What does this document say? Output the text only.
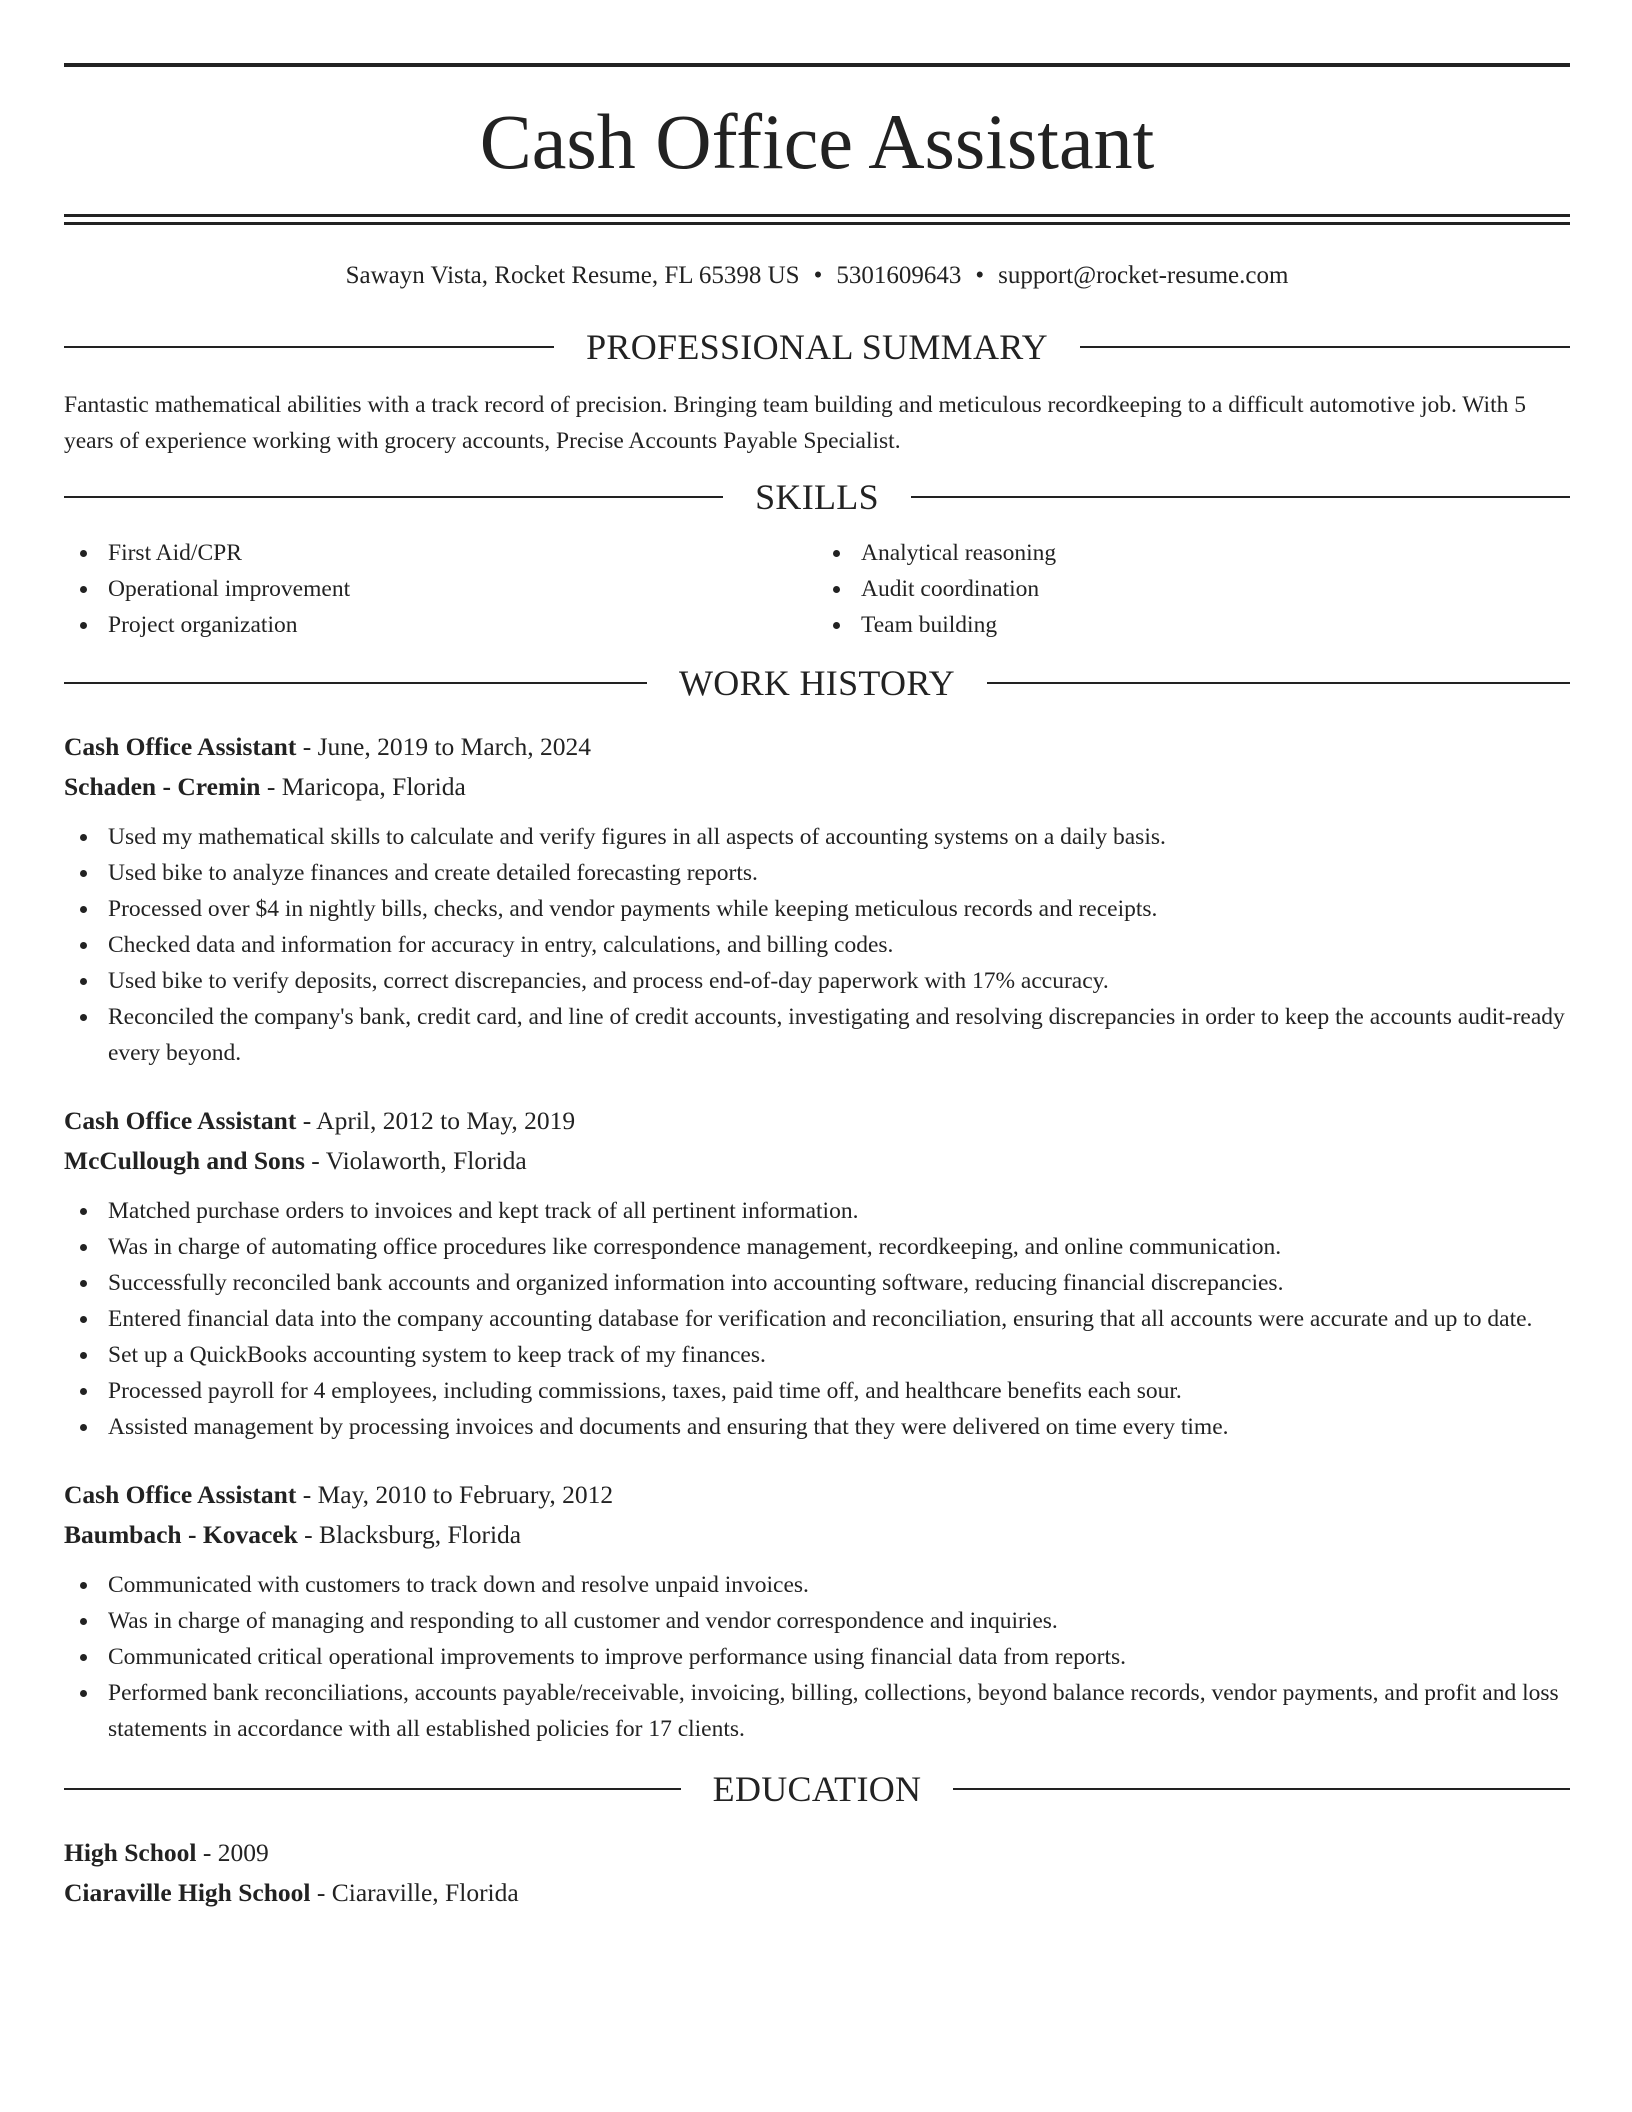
Cash Office Assistant
Sawayn Vista, Rocket Resume, FL 65398 US • 5301609643 • support@rocket-resume.com
PROFESSIONAL SUMMARY

Fantastic mathematical abilities with a track record of precision. Bringing team building and meticulous recordkeeping to a difficult automotive job. With 5 years of experience working with grocery accounts, Precise Accounts Payable Specialist.

SKILLS
First Aid/CPR
Operational improvement
Project organization
Analytical reasoning
Audit coordination
Team building
WORK HISTORY
Cash Office Assistant - June, 2019 to March, 2024
Schaden - Cremin - Maricopa, Florida
Used my mathematical skills to calculate and verify figures in all aspects of accounting systems on a daily basis.
Used bike to analyze finances and create detailed forecasting reports.
Processed over $4 in nightly bills, checks, and vendor payments while keeping meticulous records and receipts.
Checked data and information for accuracy in entry, calculations, and billing codes.
Used bike to verify deposits, correct discrepancies, and process end-of-day paperwork with 17% accuracy.
Reconciled the company's bank, credit card, and line of credit accounts, investigating and resolving discrepancies in order to keep the accounts audit-ready every beyond.
Cash Office Assistant - April, 2012 to May, 2019
McCullough and Sons - Violaworth, Florida
Matched purchase orders to invoices and kept track of all pertinent information.
Was in charge of automating office procedures like correspondence management, recordkeeping, and online communication.
Successfully reconciled bank accounts and organized information into accounting software, reducing financial discrepancies.
Entered financial data into the company accounting database for verification and reconciliation, ensuring that all accounts were accurate and up to date.
Set up a QuickBooks accounting system to keep track of my finances.
Processed payroll for 4 employees, including commissions, taxes, paid time off, and healthcare benefits each sour.
Assisted management by processing invoices and documents and ensuring that they were delivered on time every time.
Cash Office Assistant - May, 2010 to February, 2012
Baumbach - Kovacek - Blacksburg, Florida
Communicated with customers to track down and resolve unpaid invoices.
Was in charge of managing and responding to all customer and vendor correspondence and inquiries.
Communicated critical operational improvements to improve performance using financial data from reports.
Performed bank reconciliations, accounts payable/receivable, invoicing, billing, collections, beyond balance records, vendor payments, and profit and loss statements in accordance with all established policies for 17 clients.
EDUCATION
High School - 2009
Ciaraville High School - Ciaraville, Florida
